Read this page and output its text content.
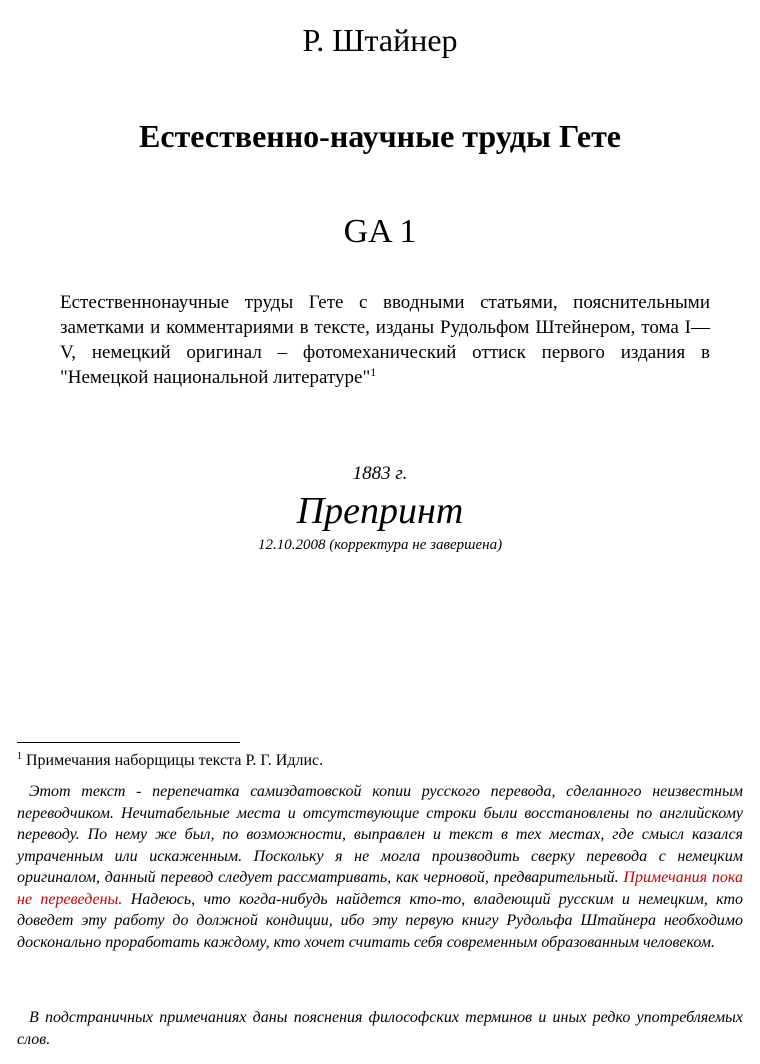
Р. Штайнер
Естественно-научные труды Гете
GA 1
Естественнонаучные труды Гете с вводными статьями, пояснительными заметками и комментариями в тексте, изданы Рудольфом Штейнером, тома I—V, немецкий оригинал – фотомеханический оттиск первого издания в "Немецкой национальной литературе"$^1$
1883 г.
Препринт
12.10.2008 (корректура не завершена)
$^1$ Примечания наборщицы текста Р. Г. Идлис.
Этот текст - перепечатка самиздатовской копии русского перевода, сделанного неизвестным переводчиком. Нечитабельные места и отсутствующие строки были восстановлены по английскому переводу. По нему же был, по возможности, выправлен и текст в тех местах, где смысл казался утраченным или искаженным. Поскольку я не могла производить сверку перевода с немецким оригиналом, данный перевод следует рассматривать, как черновой, предварительный. Примечания пока не переведены. Надеюсь, что когда-нибудь найдется кто-то, владеющий русским и немецким, кто доведет эту работу до должной кондиции, ибо эту первую книгу Рудольфа Штайнера необходимо досконально проработать каждому, кто хочет считать себя современным образованным человеком.
В подстраничных примечаниях даны пояснения философских терминов и иных редко употребляемых слов.
